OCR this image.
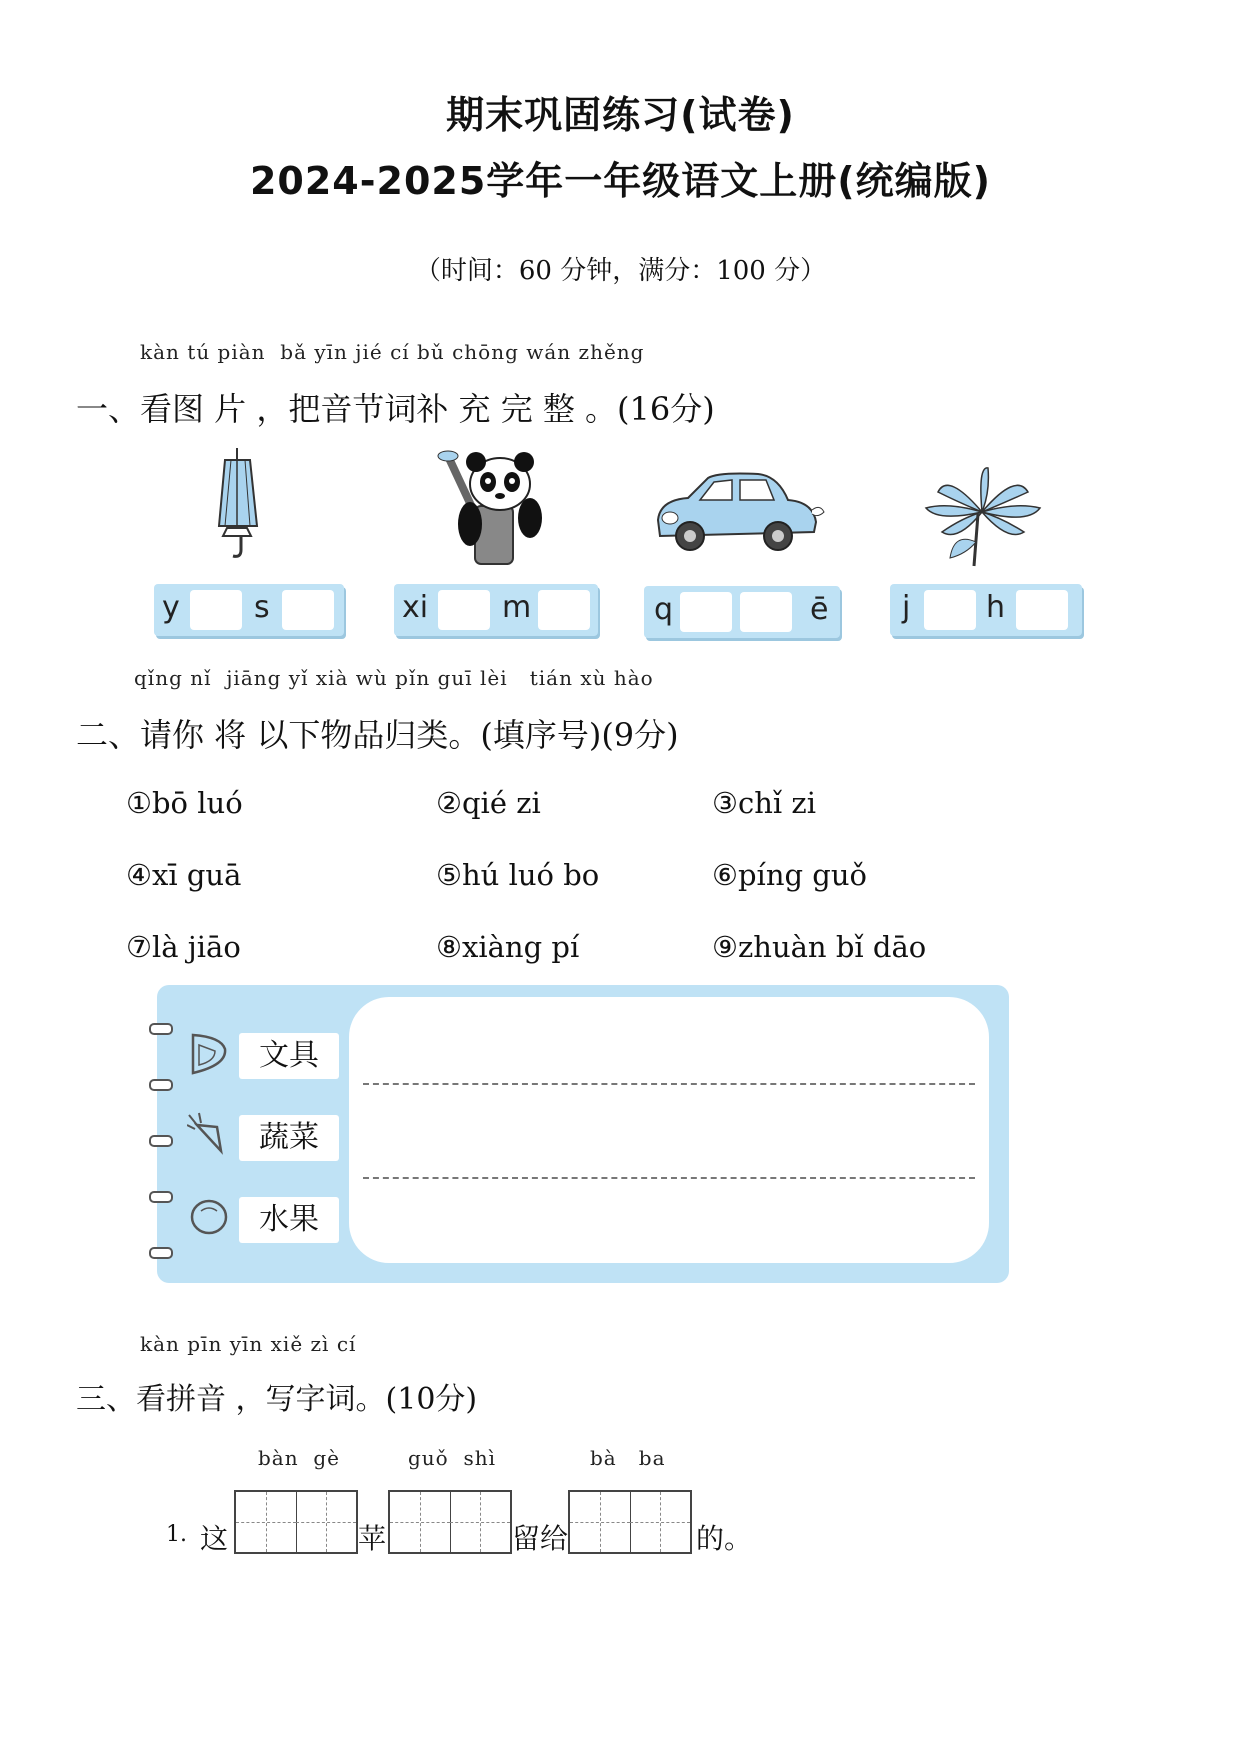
期末巩固练习(试卷)
2024-2025学年一年级语文上册(统编版)
（时间：60 分钟，满分：100 分）
kàn tú piàn  bǎ yīn jié cí bǔ chōng wán zhěng
一、看图 片 ，把音节词补 充 完 整 。(16分)
y s	xi m	q	ē j	h
qǐng nǐ  jiāng yǐ xià wù pǐn guī lèi   tián xù hào
二、请你 将 以下物品归类。(填序号)(9分)
①bō luó	②qié zi	③chǐ zi
④xī guā	⑤hú luó bo	⑥píng guǒ
⑦là jiāo	⑧xiàng pí	⑨zhuàn bǐ dāo
文具
蔬菜
水果
kàn pīn yīn xiě zì cí
三、看拼音 ，写字词。(10分)
bàn  gè	guǒ  shì	bà   ba
1. 这	苹	留给	的。
